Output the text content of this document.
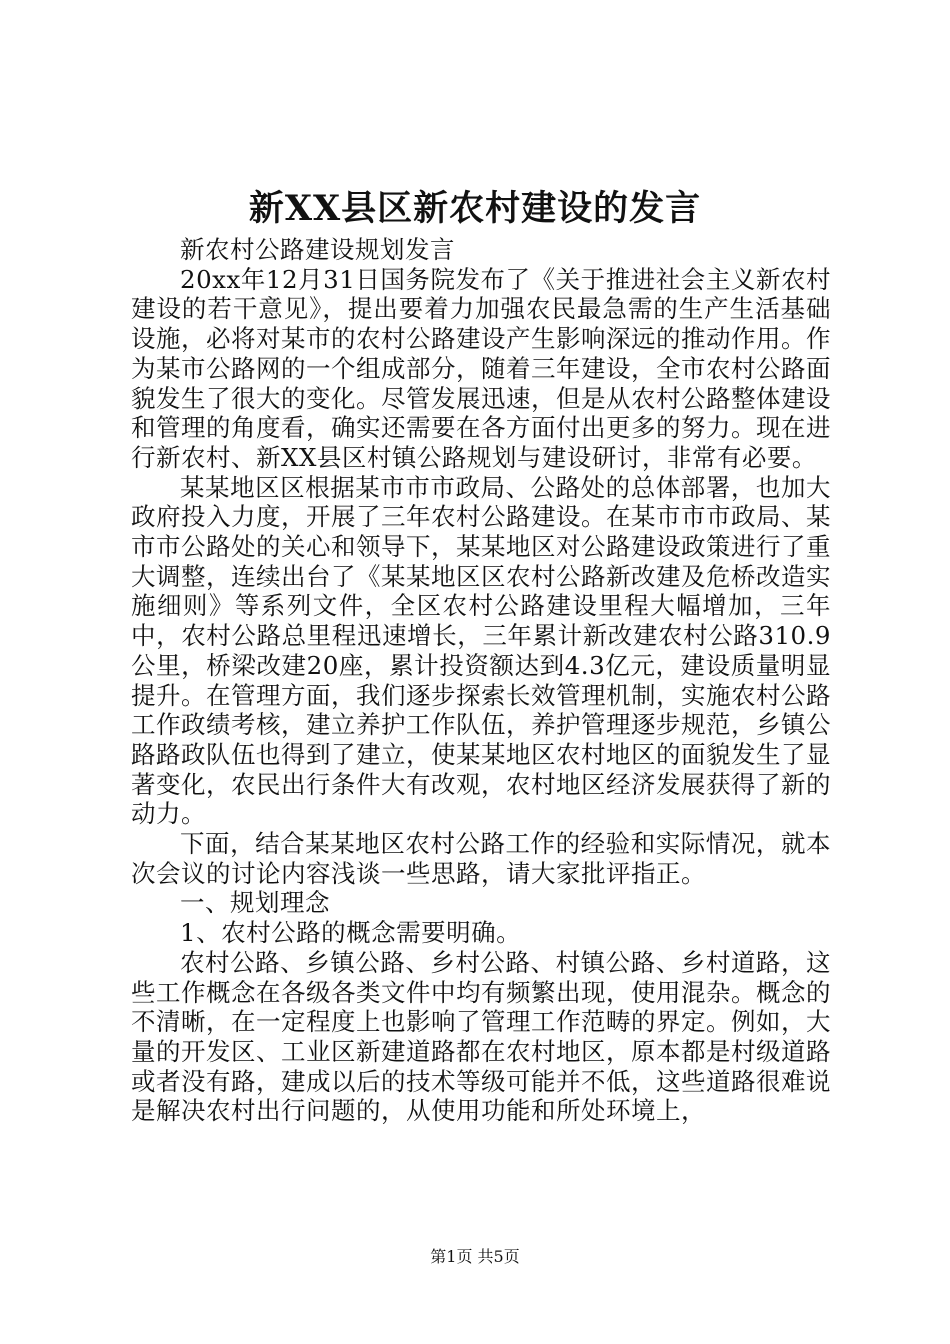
新XX县区新农村建设的发言

新农村公路建设规划发言

20xx年12月31日国务院发布了《关于推进社会主义新农村建设的若干意见》，提出要着力加强农民最急需的生产生活基础设施，必将对某市的农村公路建设产生影响深远的推动作用。作为某市公路网的一个组成部分，随着三年建设，全市农村公路面貌发生了很大的变化。尽管发展迅速，但是从农村公路整体建设和管理的角度看，确实还需要在各方面付出更多的努力。现在进行新农村、新XX县区村镇公路规划与建设研讨，非常有必要。

某某地区区根据某市市市政局、公路处的总体部署，也加大政府投入力度，开展了三年农村公路建设。在某市市市政局、某市市公路处的关心和领导下，某某地区对公路建设政策进行了重大调整，连续出台了《某某地区区农村公路新改建及危桥改造实施细则》等系列文件，全区农村公路建设里程大幅增加，三年中，农村公路总里程迅速增长，三年累计新改建农村公路310.9公里，桥梁改建20座，累计投资额达到4.3亿元，建设质量明显提升。在管理方面，我们逐步探索长效管理机制，实施农村公路工作政绩考核，建立养护工作队伍，养护管理逐步规范，乡镇公路路政队伍也得到了建立，使某某地区农村地区的面貌发生了显著变化，农民出行条件大有改观，农村地区经济发展获得了新的动力。

下面，结合某某地区农村公路工作的经验和实际情况，就本次会议的讨论内容浅谈一些思路，请大家批评指正。

一、规划理念

1、农村公路的概念需要明确。

农村公路、乡镇公路、乡村公路、村镇公路、乡村道路，这些工作概念在各级各类文件中均有频繁出现，使用混杂。概念的不清晰，在一定程度上也影响了管理工作范畴的界定。例如，大量的开发区、工业区新建道路都在农村地区，原本都是村级道路或者没有路，建成以后的技术等级可能并不低，这些道路很难说是解决农村出行问题的，从使用功能和所处环境上，

第1页 共5页
